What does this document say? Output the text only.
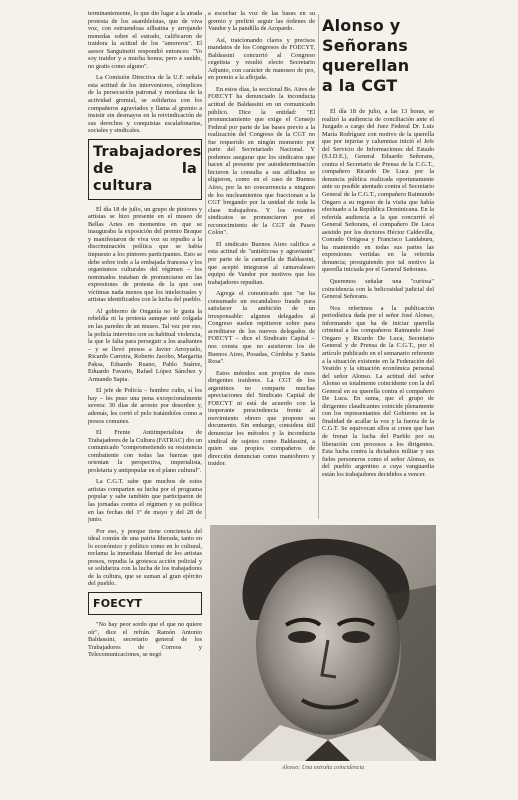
terminantemente, lo que dio lugar a la airada protesta de los asambleístas, que de viva voz, con estruendosa silbatina y arrojando monedas sobre el estrado, calificaron de traidora la actitud de los "amoreros". El asesor Sanguinetti respondió entonces: "Yo soy traidor y a mucha honra; pero a sueldo, no gratis como alguno".

La Comisión Directiva de la U.F. señala esta actitud de los interventores, cómplices de la persecución patronal y mordaza de la actividad gremial, se solidariza con los compañeros agraviados y llama al gremio a insistir sin desmayos en la reivindicación de sus derechos y conquistas escalafonarias, sociales y sindicales.

Trabajadores de la cultura

El día 18 de julio, un grupo de pintores y artistas se hizo presente en el museo de Bellas Artes en momentos en que se inauguraba la exposición del premio Braque y manifestaron de viva voz su repudio a la discriminación política que se había impuesto a los pintores participantes. Esto se debe sobre todo a la embajada francesa y los organismos culturales del régimen – los nominados trataban de pronunciarse en las expresiones de protesta de la que son víctimas nada menos que los intelectuales y artistas identificados con la lucha del pueblo.

Al gobierno de Onganía no le gusta la rebeldía ni la protesta aunque esté colgada en las paredes de un museo. Tal vez por eso, la policía intervino con su habitual violencia, la que le falta para perseguir a los asaltantes – y se llevó presos a Javier Arroyuelo, Ricardo Carreira, Roberto Jacobo, Margarita Paksa, Eduardo Ruano, Pablo Suárez, Eduardo Favario, Rafael López Sánchez y Armando Sapia.

El jefe de Policía – hombre culto, sí los hay – les puso una pena excepcionalmente severa: 30 días de arresto por desorden y, además, les cortó el pelo tratándolos como a presos comunes.

El Frente Antiimperialista de Trabajadores de la Cultura (FATRAC) dio un comunicado "comprometiendo su resistencia combatiente con todas las fuerzas que orientan la perspectiva, imperialista, proletaria y antipopular en el plano cultural".

La C.G.T. sabe que muchos de estos artistas comparten su lucha por el programa popular y sabe también que participaron de las jornadas contra el régimen y su política en las fechas del 1º de mayo y del 28 de junio.

Por eso, y porque tiene conciencia del ideal común de una patria liberada, tanto en lo económico y político como en lo cultural, reclama la inmediata libertad de los artistas presos, repudia la grotesca acción policial y se solidariza con la lucha de los trabajadores de la cultura, que se suman al gran ejército del pueblo.

FOECYT

"No hay peor sordo que el que no quiere oír", dice el refrán. Ramón Antonio Baldassini, secretario general de los Trabajadores de Correos y Telecomunicaciones, se negó

a escuchar la voz de las bases en su gremio y prefirió seguir las órdenes de Vandor y la pandilla de Azopardo.

Así, traicionando claros y precisos mandatos de los Congresos de FOECYT, Baldassini concurrió al Congreso cegetista y resultó electo Secretario Adjunto, con carácter de manoseo de pro, en premio a la aflojada.

En estos días, la seccional Bs. Aires de FOECYT ha denunciado la inconducta actitud de Baldassini en un comunicado público. Dice la entidad: "El pronunciamiento que exige el Consejo Federal por parte de las bases previo a la realización del Congreso de la CGT no fue requerido en ningún momento por parte del Secretariado Nacional. Y podemos asegurar que los sindicatos que hacen al presente por autodeterminación hicieron la consulta a sus afiliados se eligieron, como en el caso de Buenos Aires, por la no concurrencia a ninguno de los nucleamientos que fraccionan a la CGT bregando por la unidad de toda la clase trabajadora. Y los restantes sindicatos se pronunciaron por el reconocimiento de la CGT de Paseo Colón".

El sindicato Buenos Aires califica a esta actitud de "antiéticosa y agraviante" por parte de la camarilla de Baldassini, que aceptó integrarse al camavaleseo equipo de Vandor por motivos que los trabajadores repudian.

Agrega el comunicado que "se ha consumado un escandaloso fraude para satisfacer la ambición de un irresponsable: algunos delegados al Congreso suelen repitieron sobre para acreditarse de los nuevos delegados de FOECYT – dice el Sindicato Capital – nos consta que no asistieron los de Buenos Aires, Posadas, Córdoba y Santa Rosa".

Estos métodos son propios de esos dirigentes traidores. La CGT de los argentinos no comparte muchas apreciaciones del Sindicato Capital de FOECYT ni está de acuerdo con la inoperante prescindencia frente al movimiento obrero que propone su documento. Sin embargo, considera útil denunciar los métodos y la inconducta sindical de sujetos como Baldassini, a quien sus propios compañeros de dirección denuncian como maniobrero y traidor.

Alonso y
Señorans
querellan
a la CGT

El día 18 de julio, a las 13 horas, se realizó la audiencia de conciliación ante el Juzgado a cargo del Juez Federal Dr. Luis María Rodríguez con motivo de la querella que por injurias y calumnias inició el Jefe del Servicio de Informaciones del Estado (S.I.D.E.), General Eduardo Señorans, contra el Secretario de Prensa de la C.G.T., compañero Ricardo De Luca por la denuncia pública realizada oportunamente ante su posible atentado contra el Secretario General de la C.G.T., compañero Raimundo Ongaro a su regreso de la visita que había efectuado a la República Dominicana. En la referida audiencia a la que concurrió el General Señorans, el compañero De Luca asistido por los doctores Héctor Caldevilla, Conrado Ortigosa y Francisco Landaburu, ha mantenido en todas sus partes las expresiones vertidas en la referida denuncia; prosiguiendo por tal motivo la querella iniciada por el General Señorans.

Queremos señalar una "curiosa" coincidencia con la belicosidad judicial del General Señorans.

Nos referimos a la publicación periodística dada por el señor José Alonso, informando que ha de iniciar querella criminal a los compañeros Raimundo José Ongaro y Ricardo De Luca, Secretario General y de Prensa de la C.G.T., por el artículo publicado en el semanario referente a la situación existente en la Federación del Vestido y la situación económica personal del señor Alonso. La actitud del señor Alonso es totalmente coincidente con la del General en su querella contra el compañero De Luca. En suma, que el grupo de dirigentes claudicantes coincide plenamente con los representantes del Gobierno en la finalidad de acallar la voz y la fuerza de la C.G.T. Se equivocan ellos si creen que han de frenar la lucha del Pueblo por su liberación con procesos a los dirigentes. Esta lucha contra la dictadura militar y sus fieles personeros como el señor Alonso, es del pueblo argentino a cuya vanguardia están los trabajadores decididos a vencer.

Alonso: Una extraña coincidencia
